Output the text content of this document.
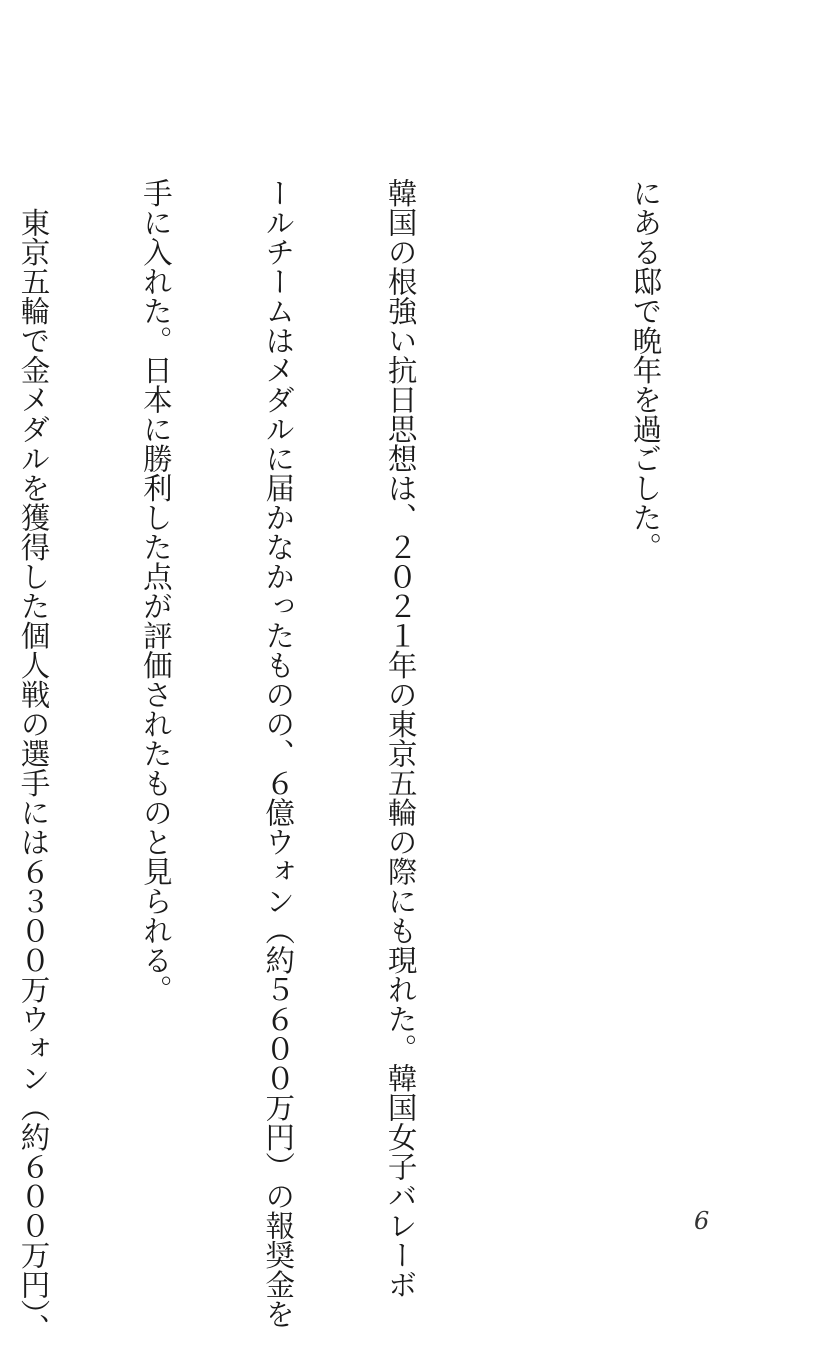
にある邸で晩年を過ごした。

韓国の根強い抗日思想は、２０２１年の東京五輪の際にも現れた。韓国女子バレーボ

ールチームはメダルに届かなかったものの、６億ウォン（約５６００万円）の報奨金を

手に入れた。日本に勝利した点が評価されたものと見られる。

　東京五輪で金メダルを獲得した個人戦の選手には６３００万ウォン（約６００万円）、

	6
